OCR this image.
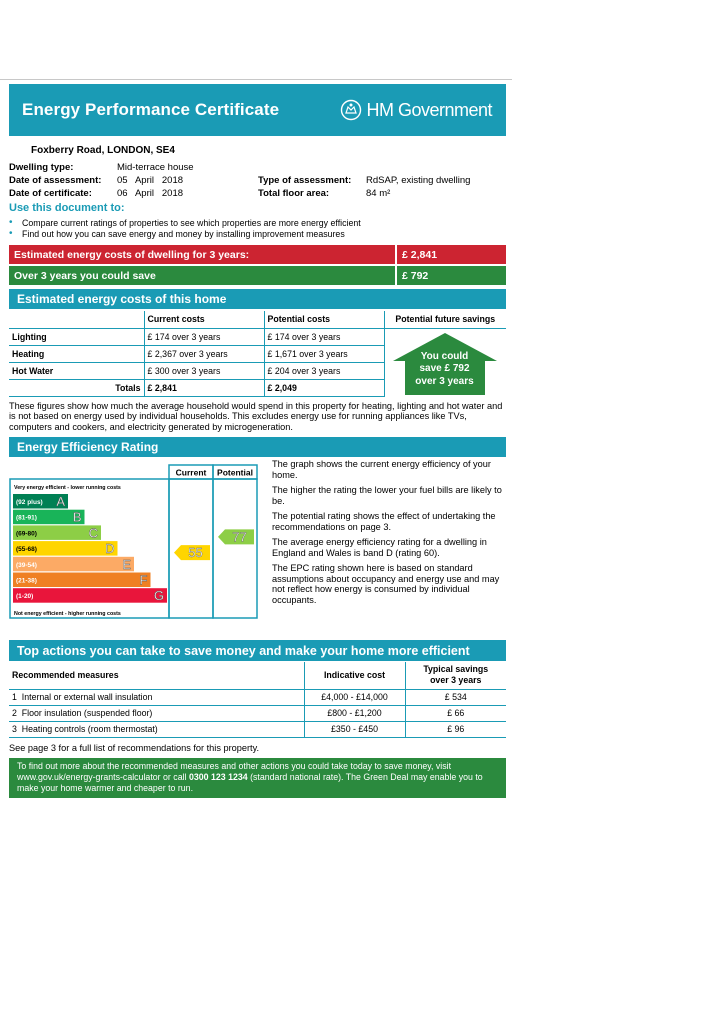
Energy Performance Certificate	HM Government
Foxberry Road, LONDON, SE4
Dwelling type:	Mid-terrace house
Date of assessment:	05   April   2018
Date of certificate:	06   April   2018
Type of assessment:	RdSAP, existing dwelling
Total floor area:	84 m²
Use this document to:
•	Compare current ratings of properties to see which properties are more energy efficient
•	Find out how you can save energy and money by installing improvement measures
Estimated energy costs of dwelling for 3 years:	£ 2,841
Over 3 years you could save	£ 792
Estimated energy costs of this home
	Current costs	Potential costs	Potential future savings
Lighting	£ 174 over 3 years	£ 174 over 3 years	You could
save £ 792
over 3 years

Heating	£ 2,367 over 3 years	£ 1,671 over 3 years	
Hot Water	£ 300 over 3 years	£ 204 over 3 years	
Totals	£ 2,841	£ 2,049	
These figures show how much the average household would spend in this property for heating, lighting and hot water and is not based on energy used by individual households. This excludes energy use for running appliances like TVs, computers and cookers, and electricity generated by microgeneration.
Energy Efficiency Rating
Current Potential
Very energy efficient - lower running costs
Not energy efficient - higher running costs
(92 plus) A
(81-91)	B
(69-80)	C
(55-68)	D
(39-54)	E
(21-38)	F
(1-20)	G
55
77

The graph shows the current energy efficiency of your home.

The higher the rating the lower your fuel bills are likely to be.

The potential rating shows the effect of undertaking the recommendations on page 3.

The average energy efficiency rating for a dwelling in England and Wales is band D (rating 60).

The EPC rating shown here is based on standard assumptions about occupancy and energy use and may not reflect how energy is consumed by individual occupants.

Top actions you can take to save money and make your home more efficient
Recommended measures	Indicative cost	Typical savings
over 3 years

1 Internal or external wall insulation	£4,000 - £14,000	£ 534
2 Floor insulation (suspended floor)	£800 - £1,200	£ 66
3 Heating controls (room thermostat)	£350 - £450	£ 96
See page 3 for a full list of recommendations for this property.
To find out more about the recommended measures and other actions you could take today to save money, visit www.gov.uk/energy-grants-calculator or call 0300 123 1234 (standard national rate). The Green Deal may enable you to make your home warmer and cheaper to run.
